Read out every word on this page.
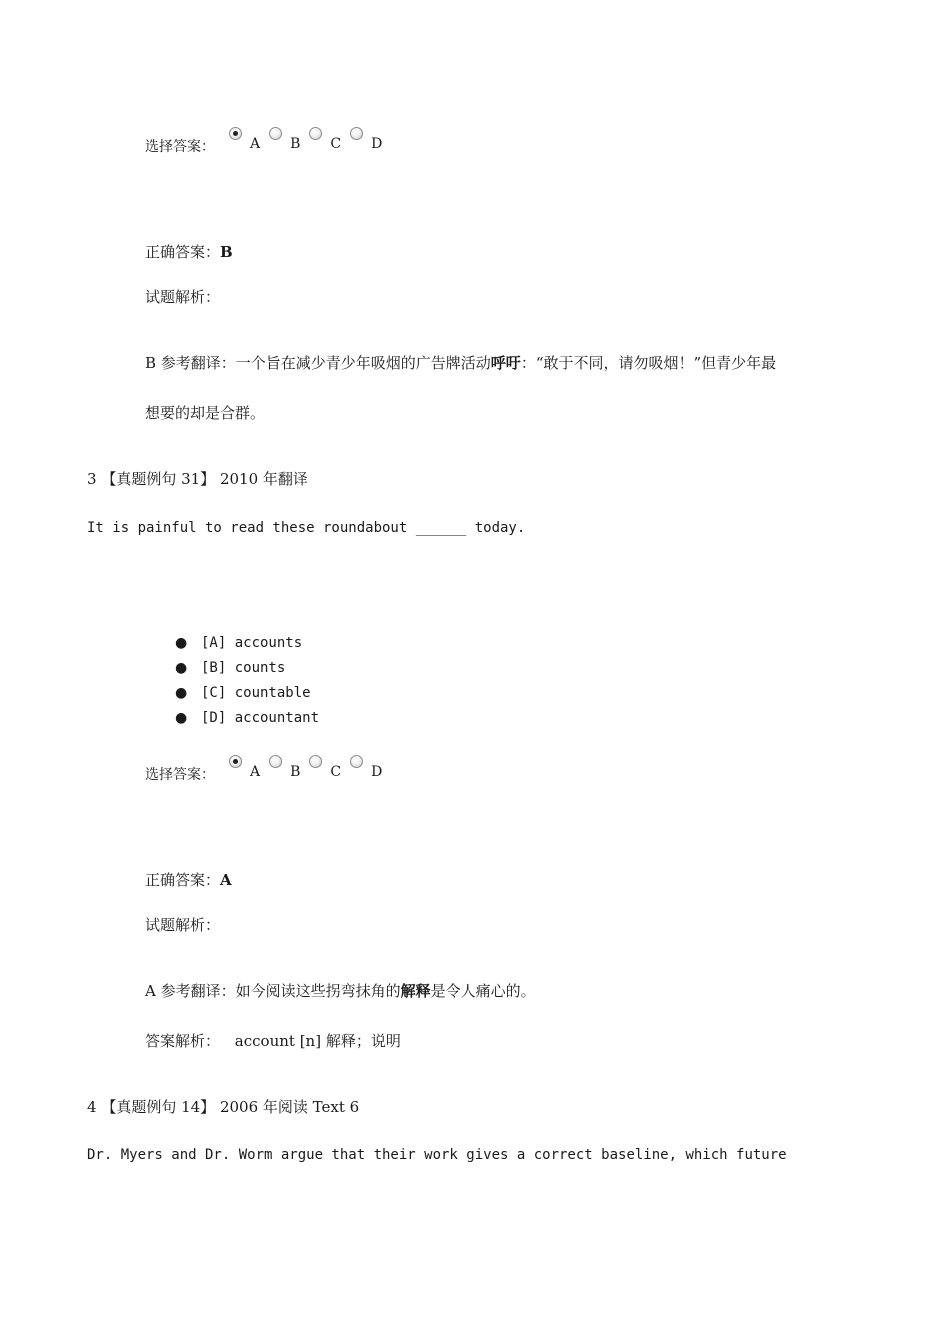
选择答案：	A B C D
正确答案：B
试题解析：
B 参考翻译：一个旨在减少青少年吸烟的广告牌活动呼吁：“敢于不同，请勿吸烟！”但青少年最
想要的却是合群。
3 【真题例句 31】 2010 年翻译
It is painful to read these roundabout ______ today.
● [A] accounts
● [B] counts
● [C] countable
● [D] accountant
选择答案：	A B C D
正确答案：A
试题解析：
A 参考翻译：如今阅读这些拐弯抹角的解释是令人痛心的。
答案解析： account [n] 解释；说明
4 【真题例句 14】 2006 年阅读 Text 6
Dr. Myers and Dr. Worm argue that their work gives a correct baseline, which future
